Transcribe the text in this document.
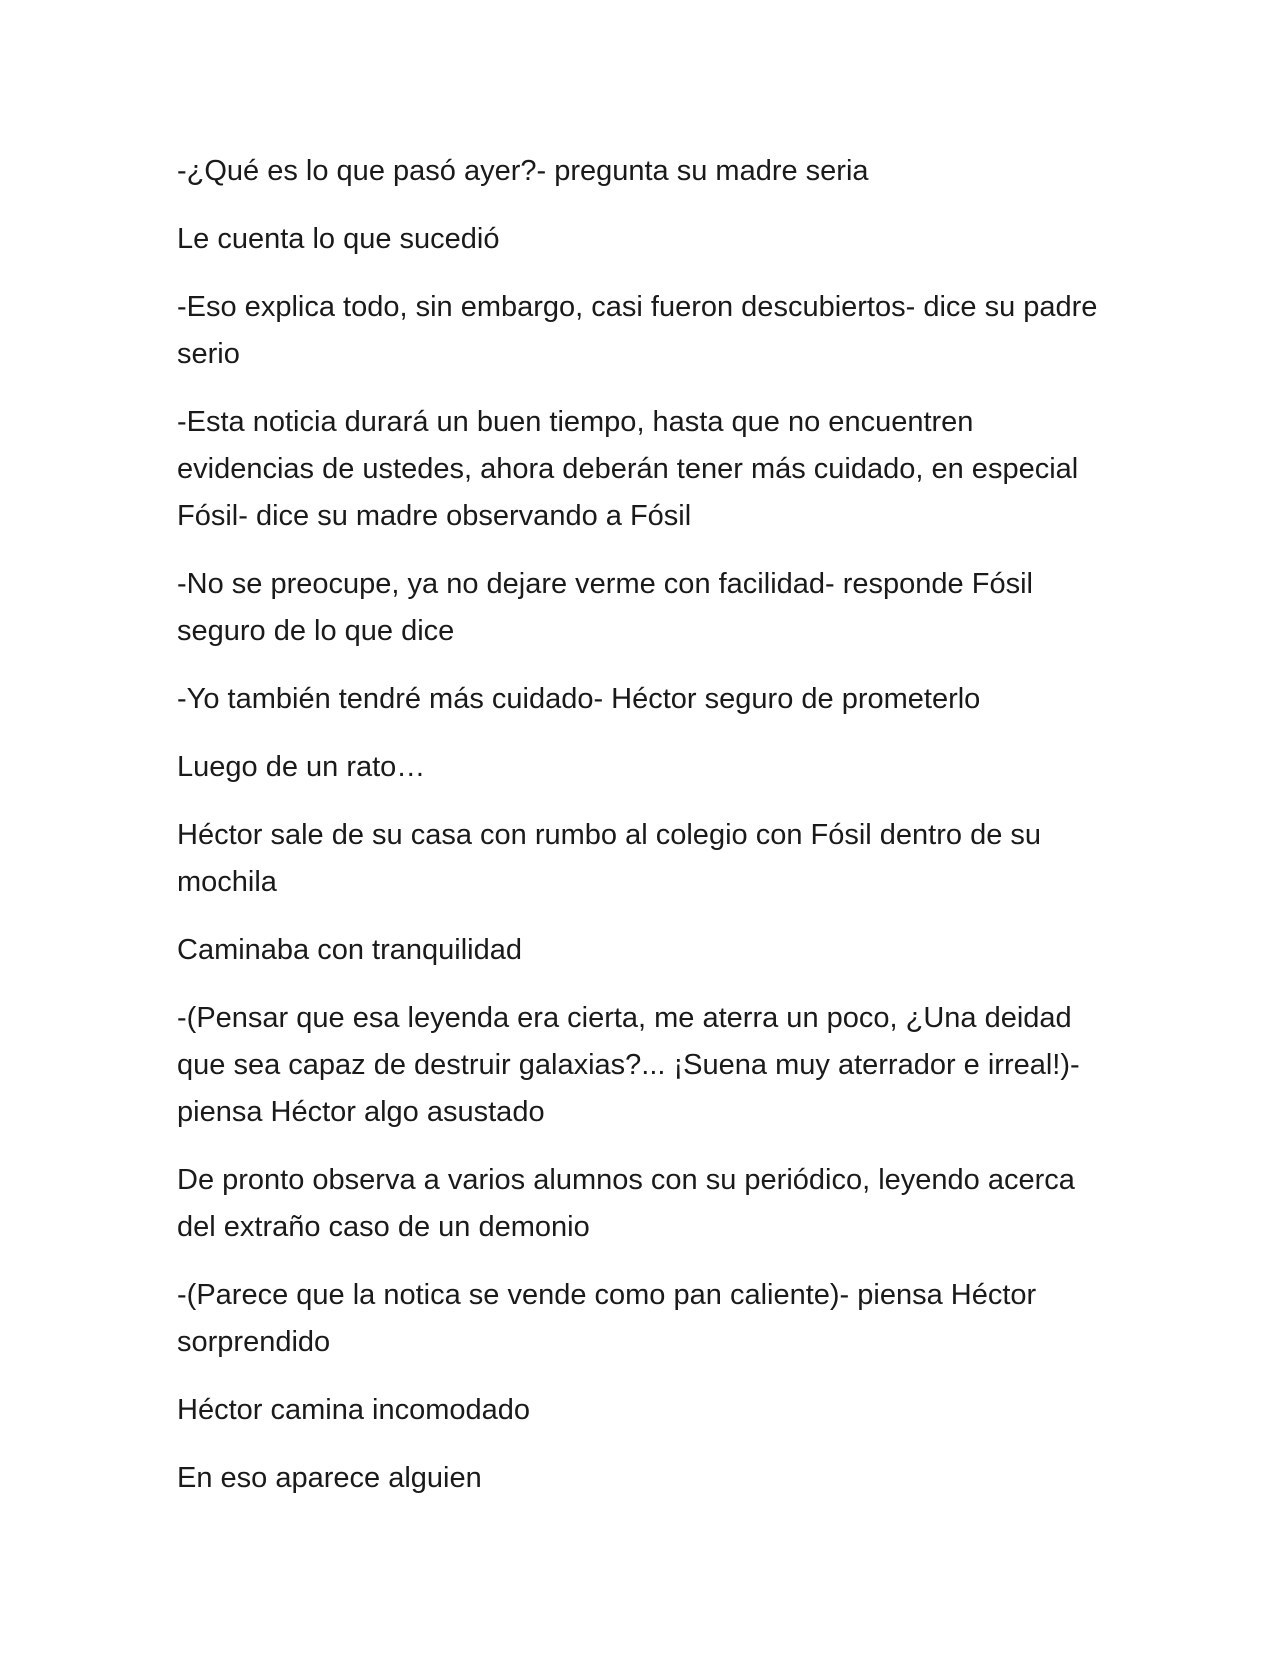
-¿Qué es lo que pasó ayer?- pregunta su madre seria

Le cuenta lo que sucedió

-Eso explica todo, sin embargo, casi fueron descubiertos- dice su padre serio

-Esta noticia durará un buen tiempo, hasta que no encuentren evidencias de ustedes, ahora deberán tener más cuidado, en especial Fósil- dice su madre observando a Fósil

-No se preocupe, ya no dejare verme con facilidad- responde Fósil seguro de lo que dice

-Yo también tendré más cuidado- Héctor seguro de prometerlo

Luego de un rato…

Héctor sale de su casa con rumbo al colegio con Fósil dentro de su mochila

Caminaba con tranquilidad

-(Pensar que esa leyenda era cierta, me aterra un poco, ¿Una deidad que sea capaz de destruir galaxias?... ¡Suena muy aterrador e irreal!)- piensa Héctor algo asustado

De pronto observa a varios alumnos con su periódico, leyendo acerca del extraño caso de un demonio

-(Parece que la notica se vende como pan caliente)- piensa Héctor sorprendido

Héctor camina incomodado

En eso aparece alguien
